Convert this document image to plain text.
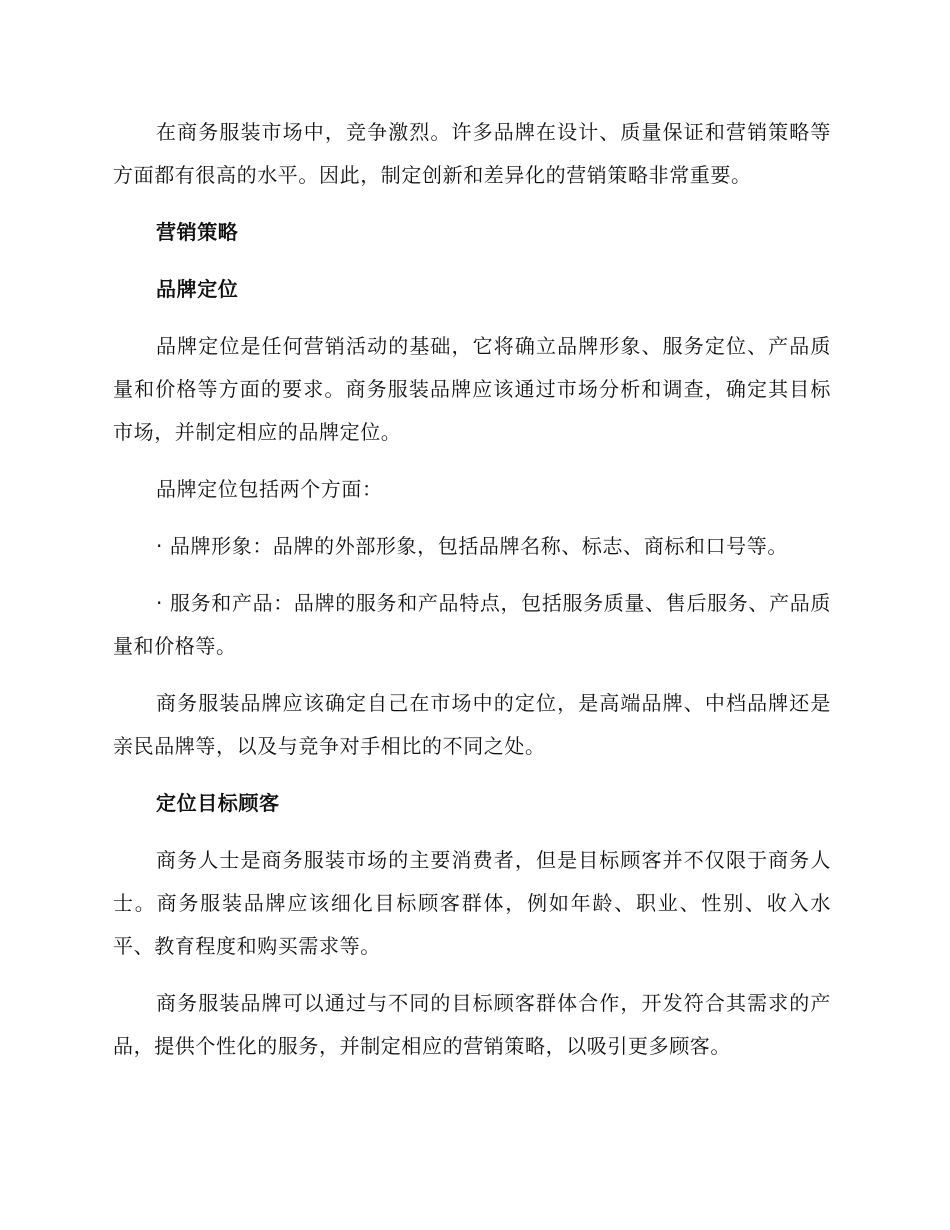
在商务服装市场中，竞争激烈。许多品牌在设计、质量保证和营销策略等方面都有很高的水平。因此，制定创新和差异化的营销策略非常重要。

营销策略

品牌定位

品牌定位是任何营销活动的基础，它将确立品牌形象、服务定位、产品质量和价格等方面的要求。商务服装品牌应该通过市场分析和调查，确定其目标市场，并制定相应的品牌定位。

品牌定位包括两个方面：

· 品牌形象：品牌的外部形象，包括品牌名称、标志、商标和口号等。

· 服务和产品：品牌的服务和产品特点，包括服务质量、售后服务、产品质量和价格等。

商务服装品牌应该确定自己在市场中的定位，是高端品牌、中档品牌还是亲民品牌等，以及与竞争对手相比的不同之处。

定位目标顾客

商务人士是商务服装市场的主要消费者，但是目标顾客并不仅限于商务人士。商务服装品牌应该细化目标顾客群体，例如年龄、职业、性别、收入水平、教育程度和购买需求等。

商务服装品牌可以通过与不同的目标顾客群体合作，开发符合其需求的产品，提供个性化的服务，并制定相应的营销策略，以吸引更多顾客。
